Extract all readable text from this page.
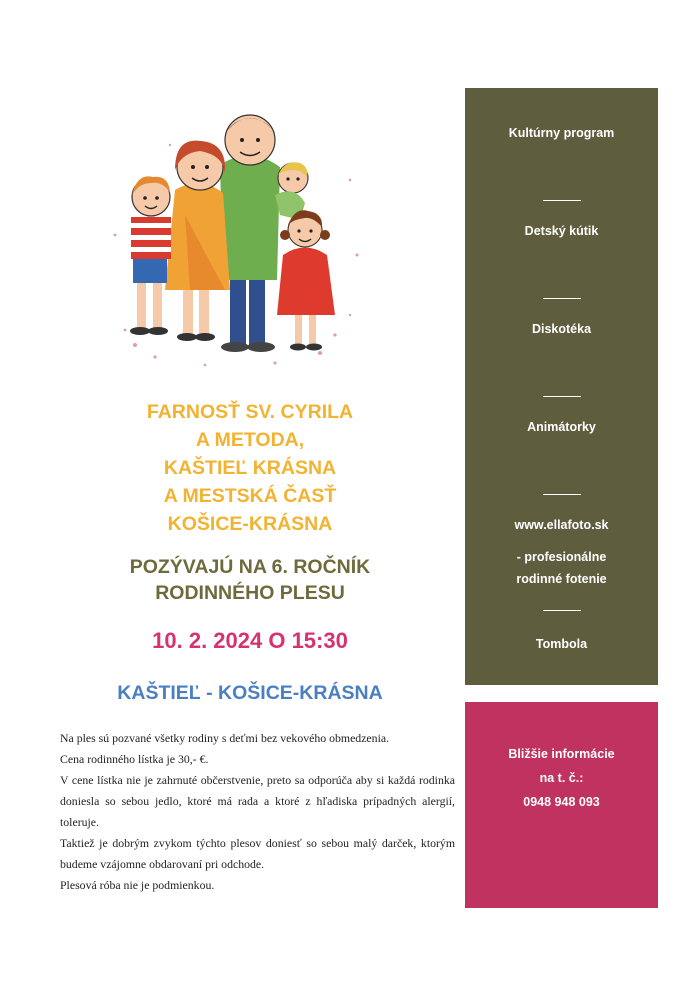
FARNOSŤ SV. CYRILA
A METODA,
KAŠTIEĽ KRÁSNA
A MESTSKÁ ČASŤ
KOŠICE-KRÁSNA
POZÝVAJÚ NA 6. ROČNÍK
RODINNÉHO PLESU
10. 2. 2024 O 15:30
KAŠTIEĽ - KOŠICE-KRÁSNA

Na ples sú pozvané všetky rodiny s deťmi bez vekového obmedzenia.

Cena rodinného lístka je 30,- €.

V cene lístka nie je zahrnuté občerstvenie, preto sa odporúča aby si každá rodinka doniesla so sebou jedlo, ktoré má rada a ktoré z hľadiska prípadných alergií, toleruje.

Taktiež je dobrým zvykom týchto plesov doniesť so sebou malý darček, ktorým budeme vzájomne obdarovaní pri odchode.

Plesová róba nie je podmienkou.

Kultúrny program
Detský kútik
Diskotéka
Animátorky
www.ellafoto.sk
- profesionálne
rodinné fotenie
Tombola
Bližšie informácie
na t. č.:
0948 948 093
